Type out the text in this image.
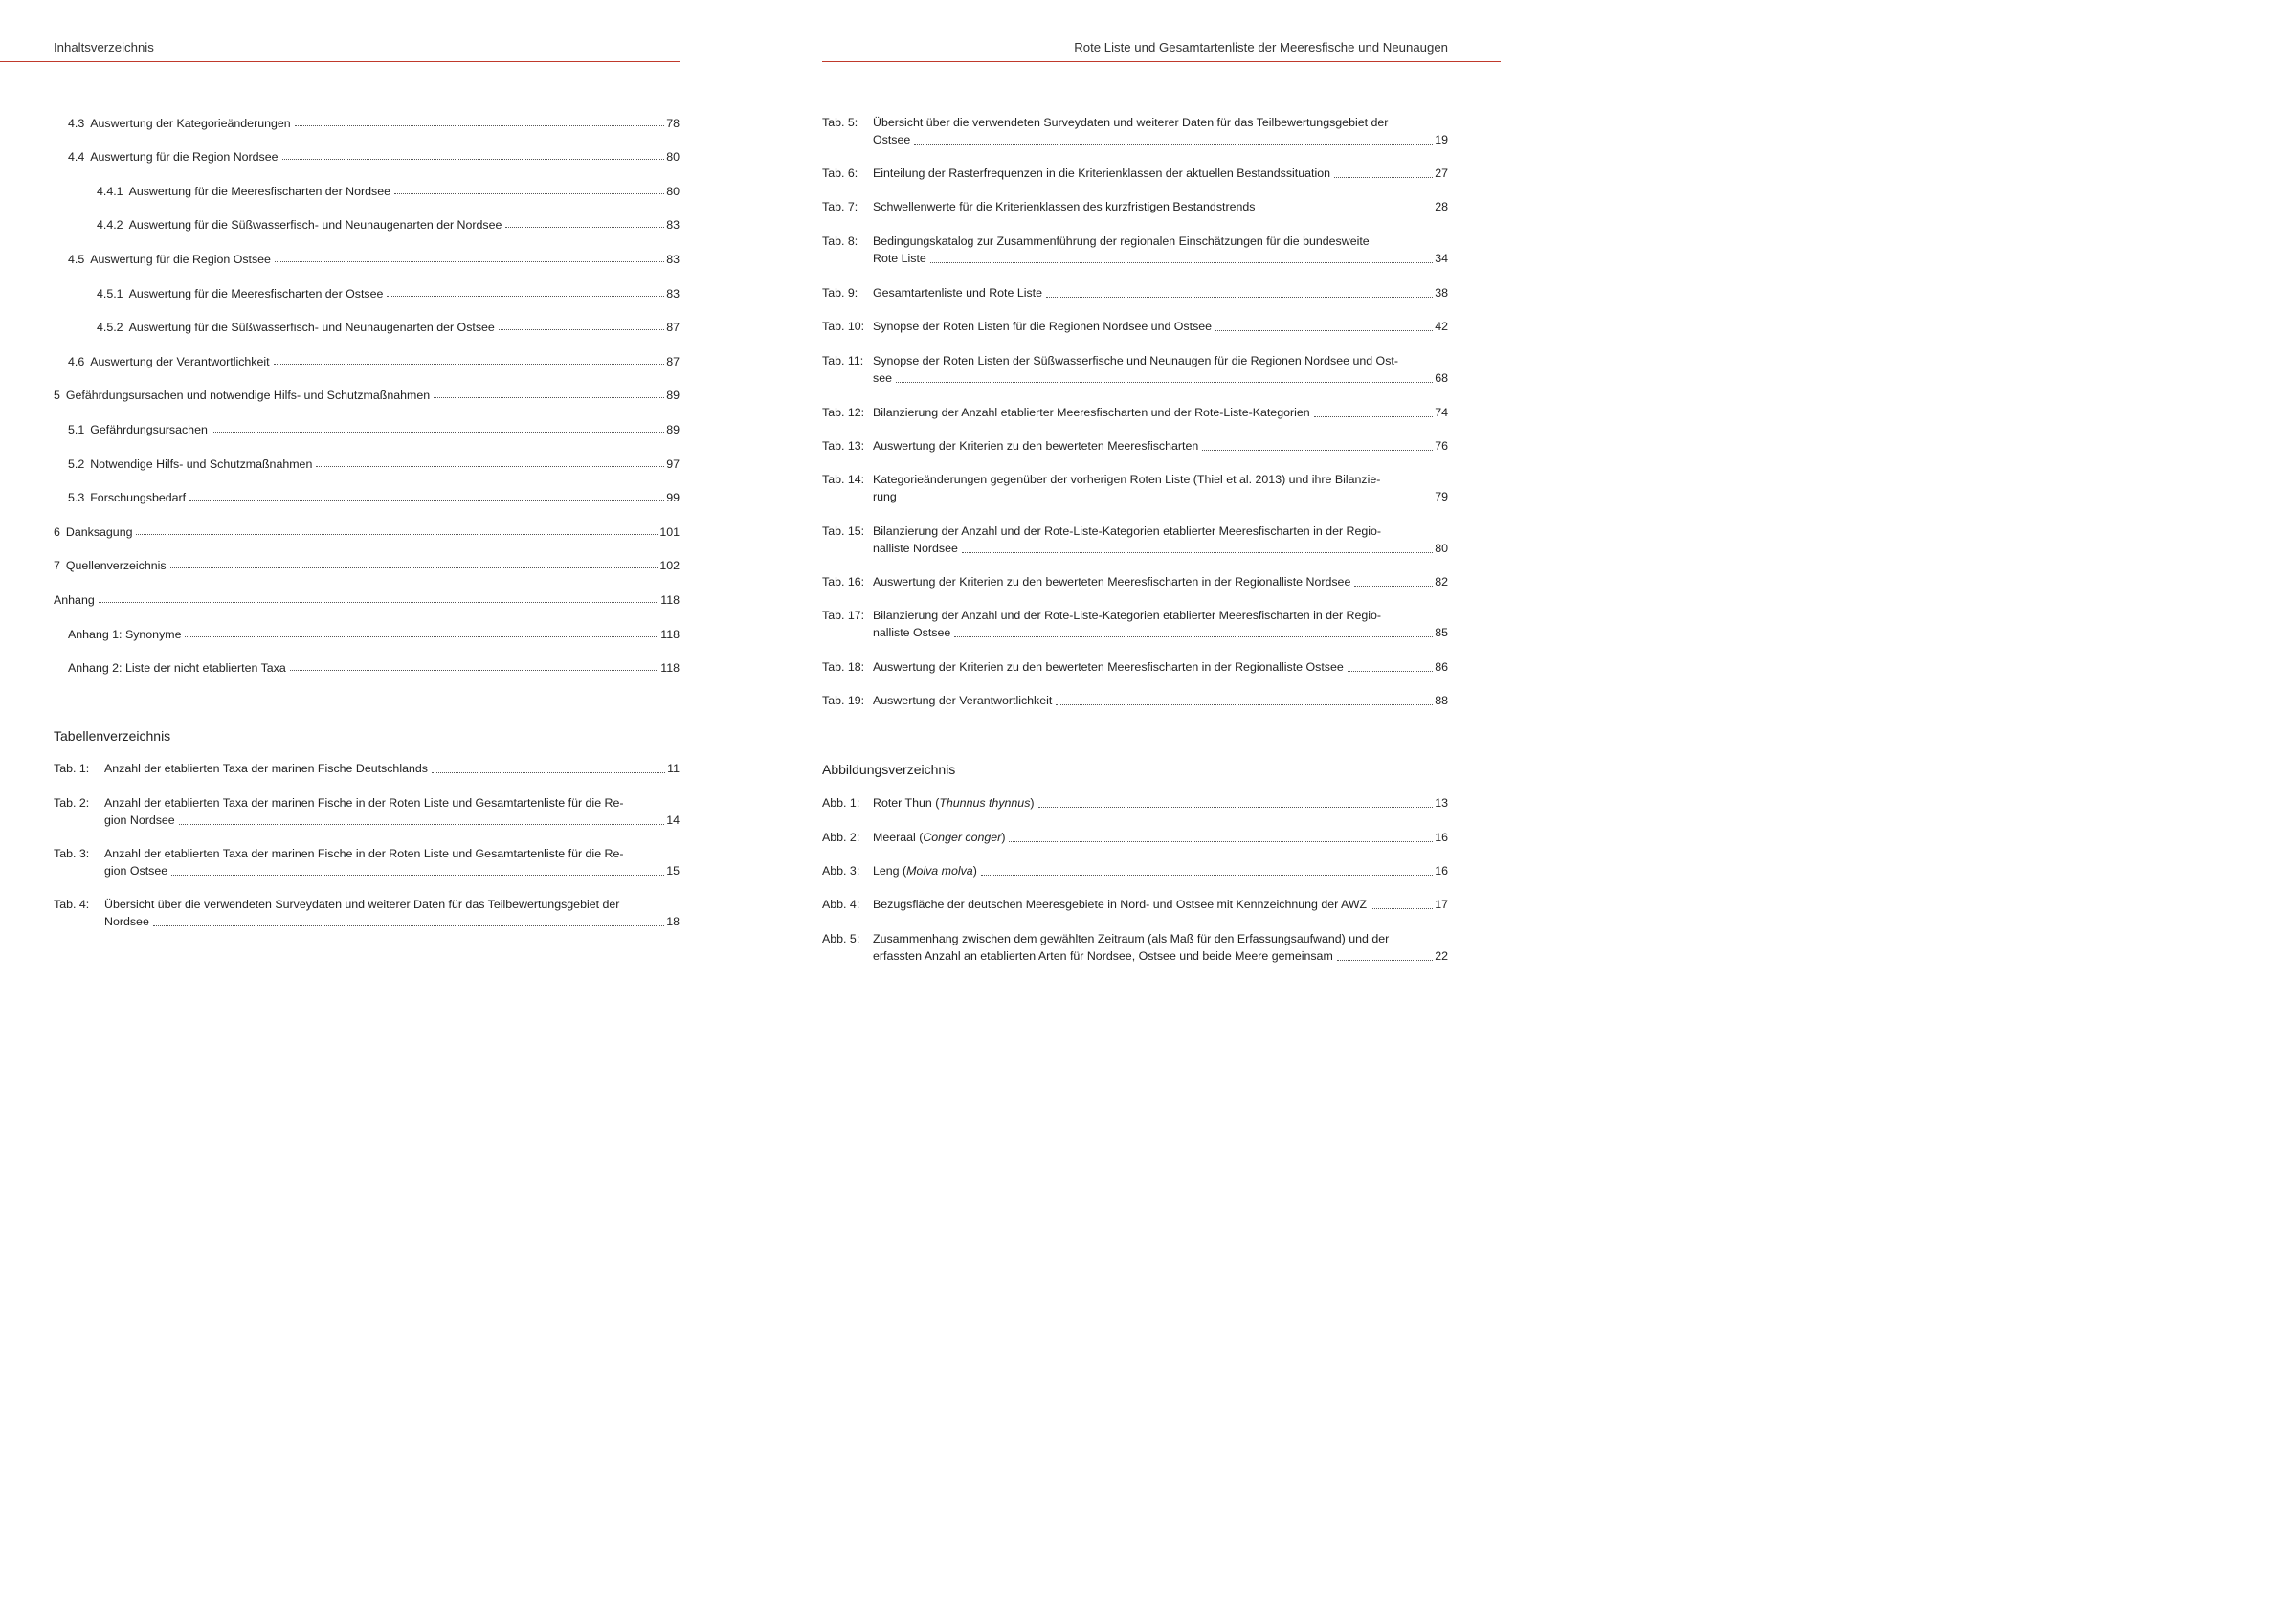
Inhaltsverzeichnis
4.3 Auswertung der Kategorieänderungen	78
4.4 Auswertung für die Region Nordsee	80
4.4.1 Auswertung für die Meeresfischarten der Nordsee	80
4.4.2 Auswertung für die Süßwasserfisch- und Neunaugenarten der Nordsee	83
4.5 Auswertung für die Region Ostsee	83
4.5.1 Auswertung für die Meeresfischarten der Ostsee	83
4.5.2 Auswertung für die Süßwasserfisch- und Neunaugenarten der Ostsee	87
4.6 Auswertung der Verantwortlichkeit	87
5 Gefährdungsursachen und notwendige Hilfs- und Schutzmaßnahmen	89
5.1 Gefährdungsursachen	89
5.2 Notwendige Hilfs- und Schutzmaßnahmen	97
5.3 Forschungsbedarf	99
6 Danksagung	101
7 Quellenverzeichnis	102
Anhang	118
Anhang 1: Synonyme	118
Anhang 2: Liste der nicht etablierten Taxa	118
Tabellenverzeichnis
Tab. 1:	Anzahl der etablierten Taxa der marinen Fische Deutschlands	11
Tab. 2:	Anzahl der etablierten Taxa der marinen Fische in der Roten Liste und Gesamtartenliste für die Re-
gion Nordsee	14
Tab. 3:	Anzahl der etablierten Taxa der marinen Fische in der Roten Liste und Gesamtartenliste für die Re-
gion Ostsee	15
Tab. 4:	Übersicht über die verwendeten Surveydaten und weiterer Daten für das Teilbewertungsgebiet der
Nordsee	18
Rote Liste und Gesamtartenliste der Meeresfische und Neunaugen
Tab. 5:	Übersicht über die verwendeten Surveydaten und weiterer Daten für das Teilbewertungsgebiet der
Ostsee	19
Tab. 6:	Einteilung der Rasterfrequenzen in die Kriterienklassen der aktuellen Bestandssituation	27
Tab. 7:	Schwellenwerte für die Kriterienklassen des kurzfristigen Bestandstrends	28
Tab. 8:	Bedingungskatalog zur Zusammenführung der regionalen Einschätzungen für die bundesweite
Rote Liste	34
Tab. 9:	Gesamtartenliste und Rote Liste	38
Tab. 10: Synopse der Roten Listen für die Regionen Nordsee und Ostsee	42
Tab. 11: Synopse der Roten Listen der Süßwasserfische und Neunaugen für die Regionen Nordsee und Ost-
see	68
Tab. 12: Bilanzierung der Anzahl etablierter Meeresfischarten und der Rote-Liste-Kategorien	74
Tab. 13: Auswertung der Kriterien zu den bewerteten Meeresfischarten	76
Tab. 14: Kategorieänderungen gegenüber der vorherigen Roten Liste (Thiel et al. 2013) und ihre Bilanzie-
rung	79
Tab. 15: Bilanzierung der Anzahl und der Rote-Liste-Kategorien etablierter Meeresfischarten in der Regio-
nalliste Nordsee	80
Tab. 16: Auswertung der Kriterien zu den bewerteten Meeresfischarten in der Regionalliste Nordsee	82
Tab. 17: Bilanzierung der Anzahl und der Rote-Liste-Kategorien etablierter Meeresfischarten in der Regio-
nalliste Ostsee	85
Tab. 18: Auswertung der Kriterien zu den bewerteten Meeresfischarten in der Regionalliste Ostsee	86
Tab. 19: Auswertung der Verantwortlichkeit	88
Abbildungsverzeichnis
Abb. 1:	Roter Thun (Thunnus thynnus)	13
Abb. 2:	Meeraal (Conger conger)	16
Abb. 3:	Leng (Molva molva)	16
Abb. 4:	Bezugsfläche der deutschen Meeresgebiete in Nord- und Ostsee mit Kennzeichnung der AWZ	17
Abb. 5:	Zusammenhang zwischen dem gewählten Zeitraum (als Maß für den Erfassungsaufwand) und der
erfassten Anzahl an etablierten Arten für Nordsee, Ostsee und beide Meere gemeinsam	22
